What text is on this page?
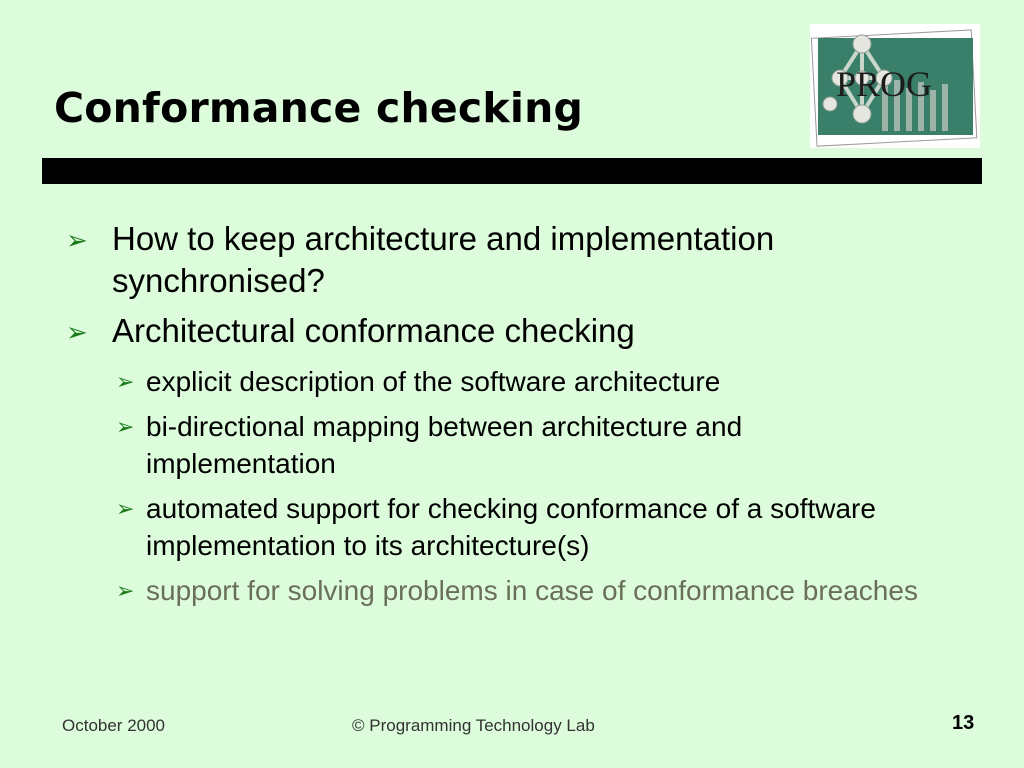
Conformance checking	PROG
➢ How to keep architecture and implementation synchronised?
➢ Architectural conformance checking
➢ explicit description of the software architecture
➢ bi-directional mapping between architecture and implementation
➢ automated support for checking conformance of a software implementation to its architecture(s)
➢ support for solving problems in case of conformance breaches
October 2000	© Programming Technology Lab	13
